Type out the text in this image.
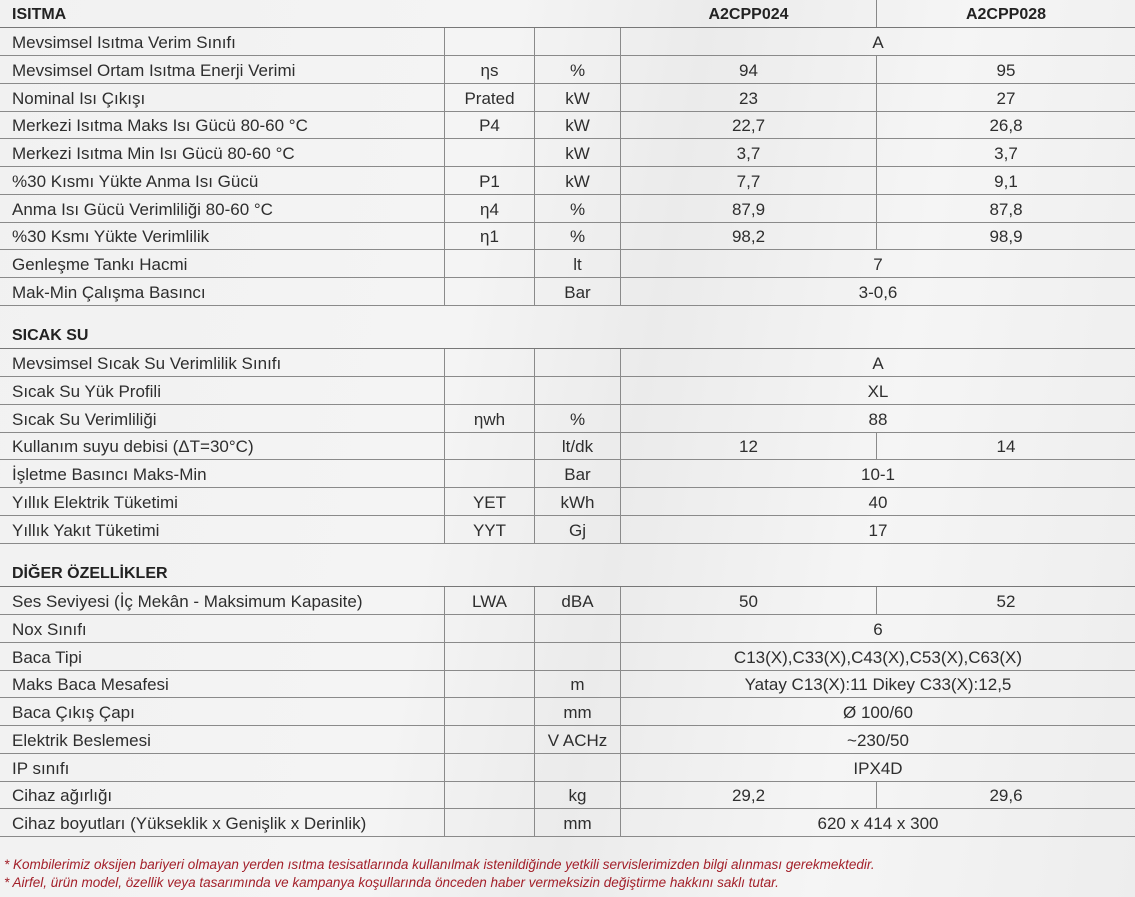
ISITMA	A2CPP024	A2CPP028
Mevsimsel Isıtma Verim Sınıfı	A
Mevsimsel Ortam Isıtma Enerji Verimi	ηs	%	94	95
Nominal Isı Çıkışı	Prated	kW	23	27
Merkezi Isıtma Maks Isı Gücü 80-60 °C	P4	kW	22,7	26,8
Merkezi Isıtma Min Isı Gücü 80-60 °C	kW	3,7	3,7
%30 Kısmı Yükte Anma Isı Gücü	P1	kW	7,7	9,1
Anma Isı Gücü Verimliliği 80-60 °C	η4	%	87,9	87,8
%30 Ksmı Yükte Verimlilik	η1	%	98,2	98,9
Genleşme Tankı Hacmi	lt	7
Mak-Min Çalışma Basıncı	Bar	3-0,6
SICAK SU
Mevsimsel Sıcak Su Verimlilik Sınıfı	A
Sıcak Su Yük Profili	XL
Sıcak Su Verimliliği	ηwh	%	88
Kullanım suyu debisi (ΔT=30°C)	lt/dk	12	14
İşletme Basıncı Maks-Min	Bar	10-1
Yıllık Elektrik Tüketimi	YET	kWh	40
Yıllık Yakıt Tüketimi	YYT	Gj	17
DİĞER ÖZELLİKLER
Ses Seviyesi (İç Mekân - Maksimum Kapasite)	LWA	dBA	50	52
Nox Sınıfı	6
Baca Tipi	C13(X),C33(X),C43(X),C53(X),C63(X)
Maks Baca Mesafesi	m	Yatay C13(X):11 Dikey C33(X):12,5
Baca Çıkış Çapı	mm	Ø 100/60
Elektrik Beslemesi	V ACHz	~230/50
IP sınıfı	IPX4D
Cihaz ağırlığı	kg	29,2	29,6
Cihaz boyutları (Yükseklik x Genişlik x Derinlik)	mm	620 x 414 x 300
* Kombilerimiz oksijen bariyeri olmayan yerden ısıtma tesisatlarında kullanılmak istenildiğinde yetkili servislerimizden bilgi alınması gerekmektedir.
* Airfel, ürün model, özellik veya tasarımında ve kampanya koşullarında önceden haber vermeksizin değiştirme hakkını saklı tutar.
